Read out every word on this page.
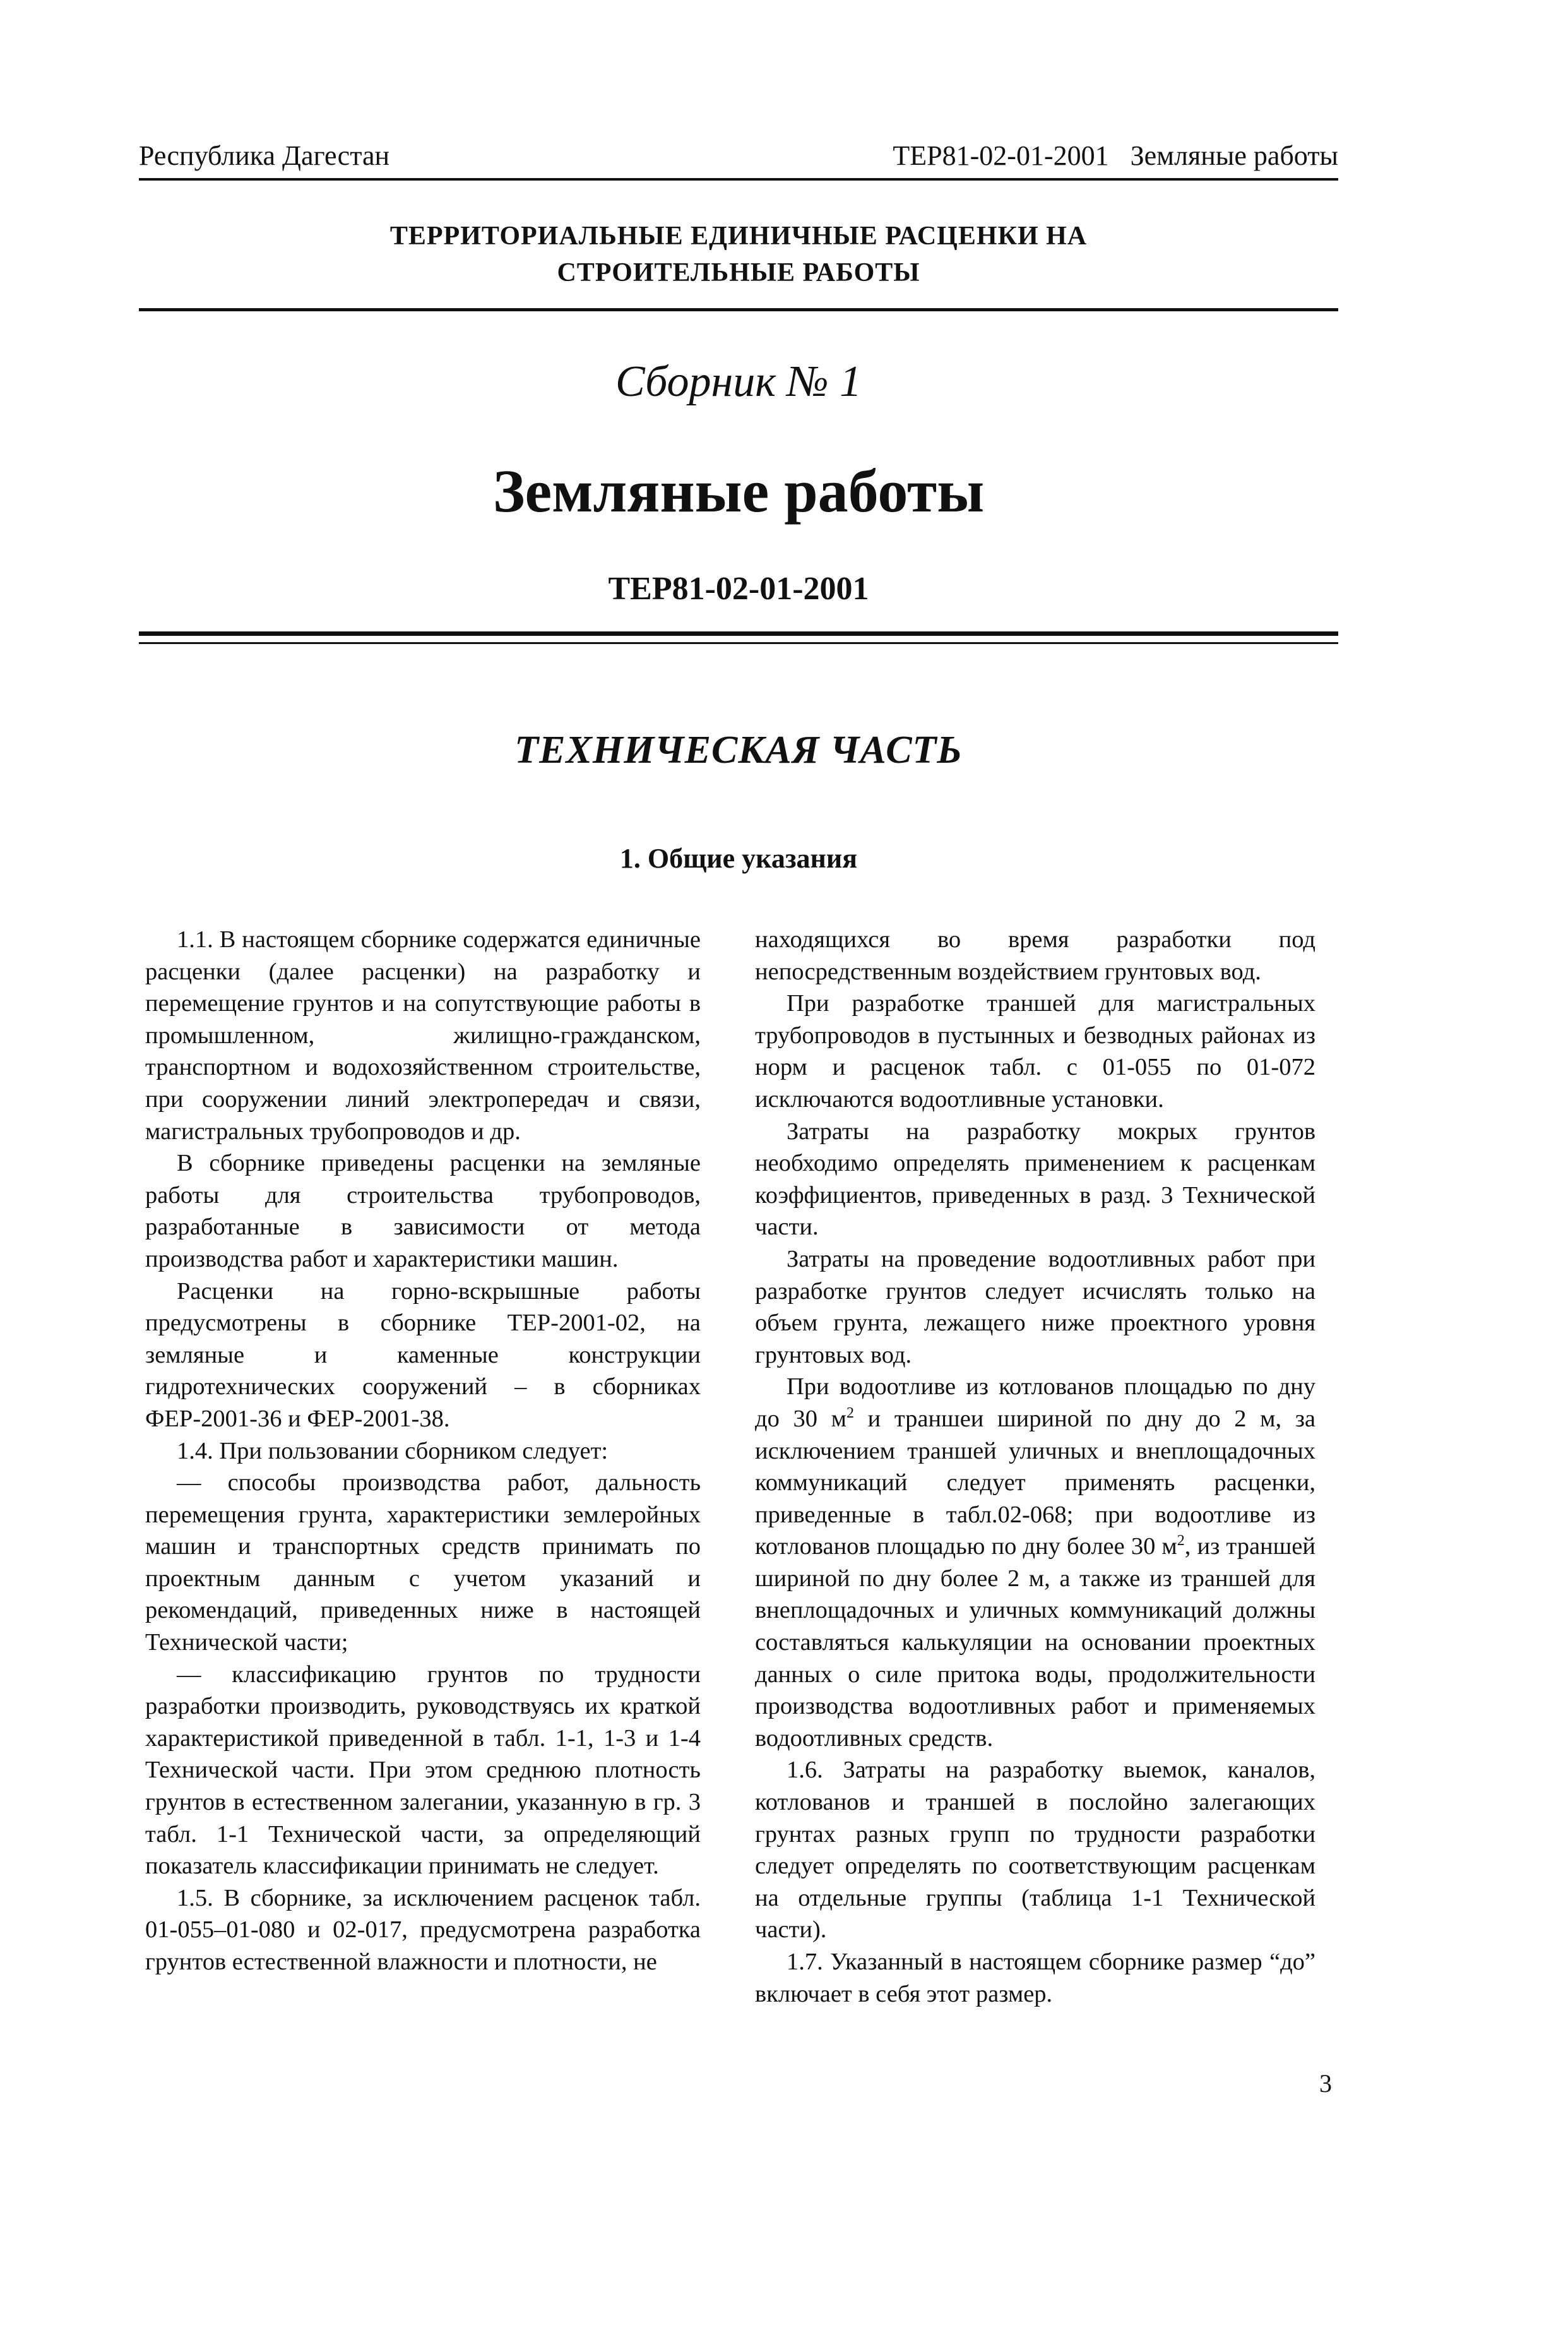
Республика Дагестан	ТЕР81-02-01-2001 Земляные работы
ТЕРРИТОРИАЛЬНЫЕ ЕДИНИЧНЫЕ РАСЦЕНКИ НА
СТРОИТЕЛЬНЫЕ РАБОТЫ
Сборник № 1
Земляные работы
ТЕР81-02-01-2001
ТЕХНИЧЕСКАЯ ЧАСТЬ
1. Общие указания

1.1. В настоящем сборнике содержатся единичные расценки (далее расценки) на разработку и перемещение грунтов и на сопутствующие работы в промышленном, жилищно-гражданском, транспортном и водохозяйственном строительстве, при сооружении линий электропередач и связи, магистральных трубопроводов и др.

В сборнике приведены расценки на земляные работы для строительства трубопроводов, разработанные в зависимости от метода производства работ и характеристики машин.

Расценки на горно-вскрышные работы предусмотрены в сборнике ТЕР-2001-02, на земляные и каменные конструкции гидротехнических сооружений – в сборниках ФЕР-2001-36 и ФЕР-2001-38.

1.4. При пользовании сборником следует:

— способы производства работ, дальность перемещения грунта, характеристики землеройных машин и транспортных средств принимать по проектным данным с учетом указаний и рекомендаций, приведенных ниже в настоящей Технической части;

— классификацию грунтов по трудности разработки производить, руководствуясь их краткой характеристикой приведенной в табл. 1-1, 1-3 и 1-4 Технической части. При этом среднюю плотность грунтов в естественном залегании, указанную в гр. 3 табл. 1-1 Технической части, за определяющий показатель классификации принимать не следует.

1.5. В сборнике, за исключением расценок табл. 01-055–01-080 и 02-017, предусмотрена разработка грунтов естественной влажности и плотности, не

находящихся во время разработки под непосредственным воздействием грунтовых вод.

При разработке траншей для магистральных трубопроводов в пустынных и безводных районах из норм и расценок табл. с 01-055 по 01-072 исключаются водоотливные установки.

Затраты на разработку мокрых грунтов необходимо определять применением к расценкам коэффициентов, приведенных в разд. 3 Технической части.

Затраты на проведение водоотливных работ при разработке грунтов следует исчислять только на объем грунта, лежащего ниже проектного уровня грунтовых вод.

При водоотливе из котлованов площадью по дну до 30 $м^2$ и траншеи шириной по дну до 2 м, за исключением траншей уличных и внеплощадочных коммуникаций следует применять расценки, приведенные в табл.02-068; при водоотливе из котлованов площадью по дну более 30 $м^2$, из траншей шириной по дну более 2 м, а также из траншей для внеплощадочных и уличных коммуникаций должны составляться калькуляции на основании проектных данных о силе притока воды, продолжительности производства водоотливных работ и применяемых водоотливных средств.

1.6. Затраты на разработку выемок, каналов, котлованов и траншей в послойно залегающих грунтах разных групп по трудности разработки следует определять по соответствующим расценкам на отдельные группы (таблица 1-1 Технической части).

1.7. Указанный в настоящем сборнике размер “до” включает в себя этот размер.

3
